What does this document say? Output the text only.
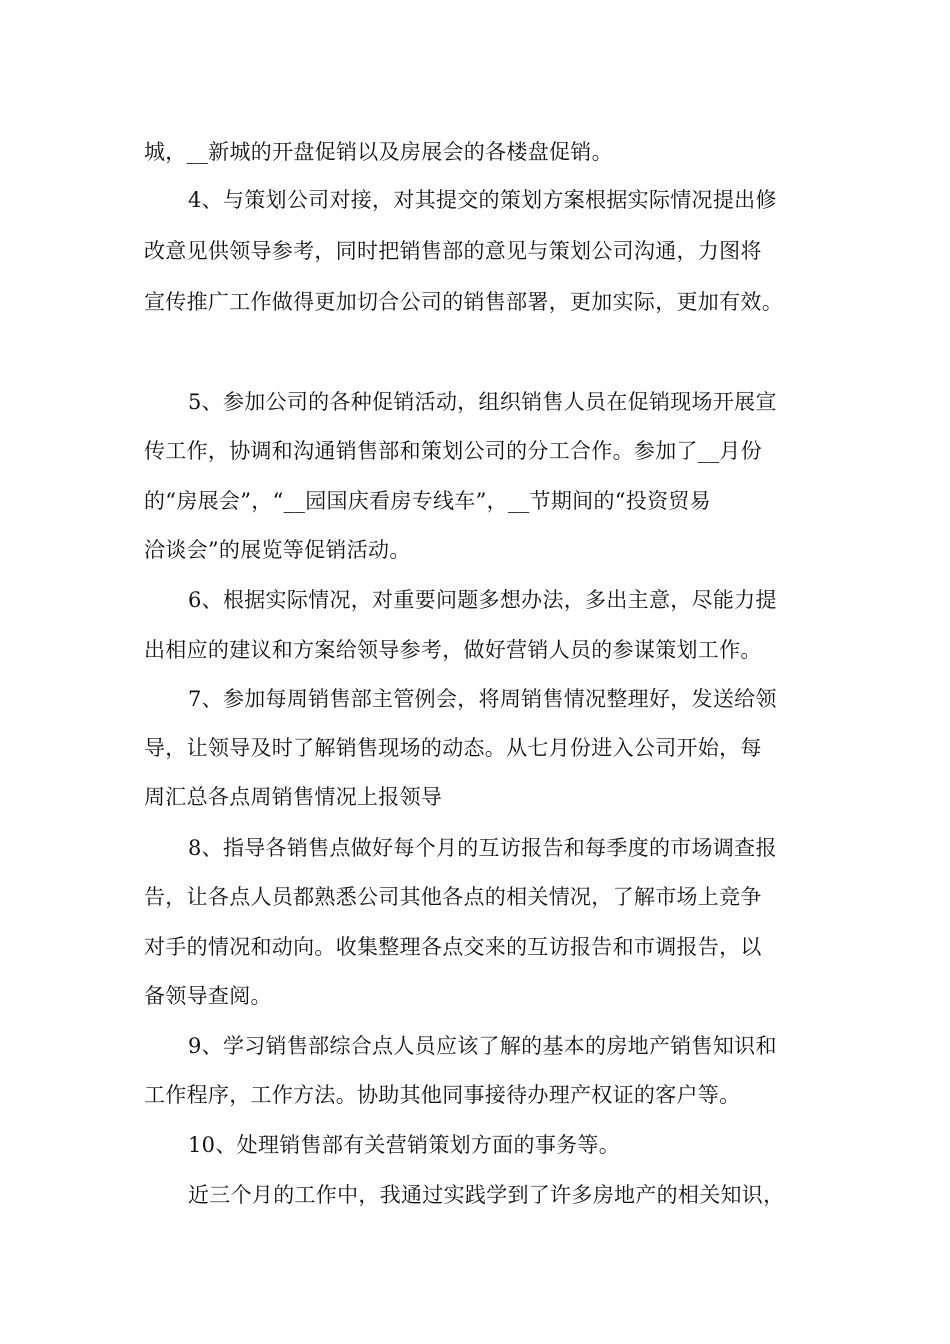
城，__新城的开盘促销以及房展会的各楼盘促销。
4、与策划公司对接，对其提交的策划方案根据实际情况提出修
改意见供领导参考，同时把销售部的意见与策划公司沟通，力图将
宣传推广工作做得更加切合公司的销售部署，更加实际，更加有效。
5、参加公司的各种促销活动，组织销售人员在促销现场开展宣
传工作，协调和沟通销售部和策划公司的分工合作。参加了__月份
的“房展会”，“__园国庆看房专线车”，__节期间的“投资贸易
洽谈会”的展览等促销活动。
6、根据实际情况，对重要问题多想办法，多出主意，尽能力提
出相应的建议和方案给领导参考，做好营销人员的参谋策划工作。
7、参加每周销售部主管例会，将周销售情况整理好，发送给领
导，让领导及时了解销售现场的动态。从七月份进入公司开始，每
周汇总各点周销售情况上报领导
8、指导各销售点做好每个月的互访报告和每季度的市场调查报
告，让各点人员都熟悉公司其他各点的相关情况，了解市场上竞争
对手的情况和动向。收集整理各点交来的互访报告和市调报告，以
备领导查阅。
9、学习销售部综合点人员应该了解的基本的房地产销售知识和
工作程序，工作方法。协助其他同事接待办理产权证的客户等。
10、处理销售部有关营销策划方面的事务等。
近三个月的工作中，我通过实践学到了许多房地产的相关知识，
